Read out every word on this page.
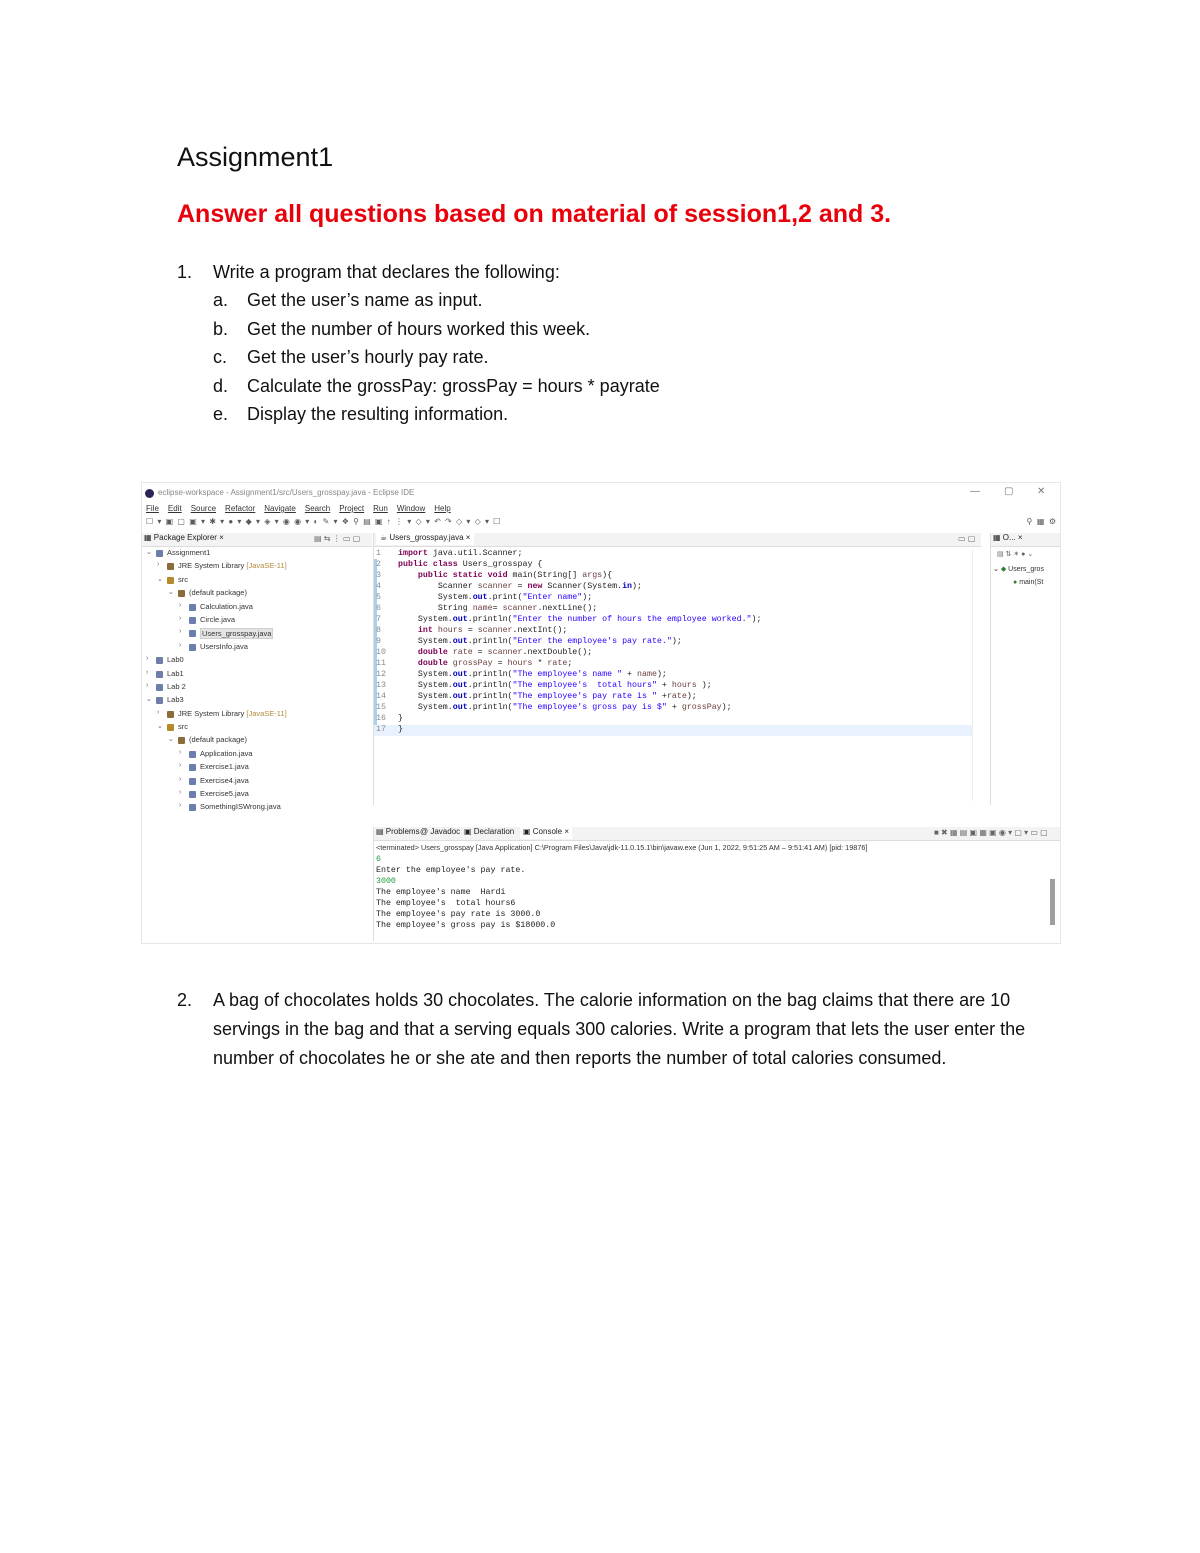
Assignment1
Answer all questions based on material of session1,2 and 3.
1.	Write a program that declares the following:
a. Get the user’s name as input.
b. Get the number of hours worked this week.
c. Get the user’s hourly pay rate.
d. Calculate the grossPay: grossPay = hours * payrate
e. Display the resulting information.
eclipse-workspace - Assignment1/src/Users_grosspay.java - Eclipse IDE	— ▢ ✕
File Edit Source Refactor Navigate Search Project Run Window Help
☐ ▾ ▣ ▢ ▣ ▾ ✱ ▾ ● ▾ ◆ ▾ ◈ ▾ ◉ ◉ ▾ ◐ ✎ ▾ ❖ ⚲ ▤ ▣ ↑ ⋮ ▾ ◇ ▾ ↶ ↷ ◇ ▾ ◇ ▾ ☐	⚲  ▦  ⚙
▦ Package Explorer ×	▤ ⇆ ⋮ ▭ ▢
⌄ Assignment1
› JRE System Library [JavaSE-11]
⌄ src
⌄ (default package)
› Calculation.java
› Circle.java
›	Users_grosspay.java
› UsersInfo.java
› Lab0
› Lab1
› Lab 2
⌄ Lab3
› JRE System Library [JavaSE-11]
⌄ src
⌄ (default package)
› Application.java
› Exercise1.java
› Exercise4.java
› Exercise5.java
› SomethingISWrong.java
☕ Users_grosspay.java ×	▭ ▢
1	import java.util.Scanner;
2	public class Users_grosspay {
3	public static void main(String[] args){
4	Scanner scanner = new Scanner(System.in);
5	System.out.print("Enter name");
6	String name= scanner.nextLine();
7	System.out.println("Enter the number of hours the employee worked.");
8	int hours = scanner.nextInt();
9	System.out.println("Enter the employee's pay rate.");
10	double rate = scanner.nextDouble();
11	double grossPay = hours * rate;
12	System.out.println("The employee's name " + name);
13	System.out.println("The employee's  total hours" + hours );
14	System.out.println("The employee's pay rate is " +rate);
15	System.out.println("The employee's gross pay is $" + grossPay);
16	}
17	}
▦ O... ×
▤ ⇅ ✶ ● ⌄
⌄ ◆ Users_gros
● main(St
▤ Problems @ Javadoc ▣ Declaration	▣ Console ×	■ ✖ ▦ ▤ ▣ ▦ ▣ ◉ ▾ ▢ ▾ ▭ ▢
<terminated> Users_grosspay [Java Application] C:\Program Files\Java\jdk-11.0.15.1\bin\javaw.exe (Jun 1, 2022, 9:51:25 AM – 9:51:41 AM) [pid: 19876]
6
Enter the employee's pay rate.
3000
The employee's name  Hardi
The employee's  total hours6
The employee's pay rate is 3000.0
The employee's gross pay is $18000.0
2. A bag of chocolates holds 30 chocolates. The calorie information on the bag claims that there are 10 servings in the bag and that a serving equals 300 calories. Write a program that lets the user enter the number of chocolates he or she ate and then reports the number of total calories consumed.
